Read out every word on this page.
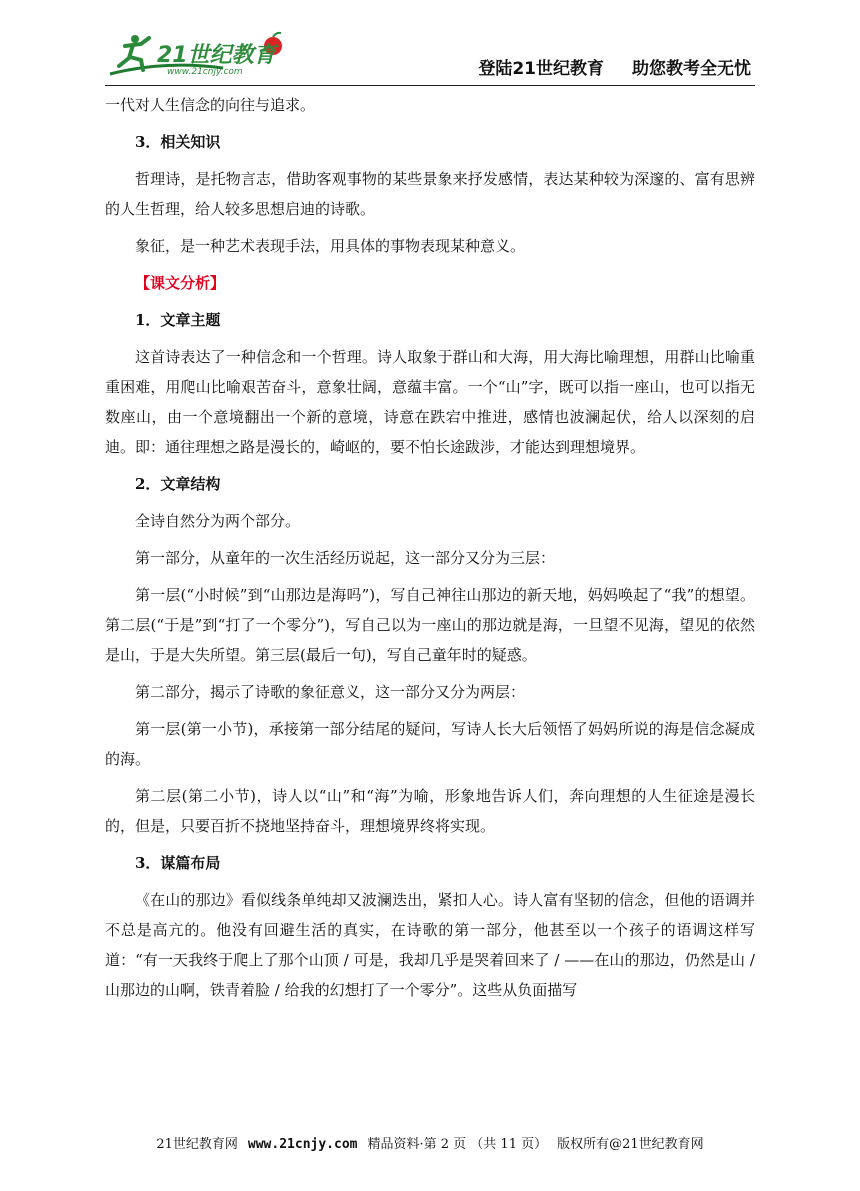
21世纪教育
www.21cnjy.com	登陆21世纪教育 助您教考全无忧

一代对人生信念的向往与追求。

3．相关知识

哲理诗，是托物言志，借助客观事物的某些景象来抒发感情，表达某种较为深邃的、富有思辨的人生哲理，给人较多思想启迪的诗歌。

象征，是一种艺术表现手法，用具体的事物表现某种意义。

【课文分析】

1．文章主题

这首诗表达了一种信念和一个哲理。诗人取象于群山和大海，用大海比喻理想，用群山比喻重重困难，用爬山比喻艰苦奋斗，意象壮阔，意蕴丰富。一个“山”字，既可以指一座山，也可以指无数座山，由一个意境翻出一个新的意境，诗意在跌宕中推进，感情也波澜起伏，给人以深刻的启迪。即：通往理想之路是漫长的，崎岖的，要不怕长途跋涉，才能达到理想境界。

2．文章结构

全诗自然分为两个部分。

第一部分，从童年的一次生活经历说起，这一部分又分为三层：

第一层(“小时候”到“山那边是海吗”)，写自己神往山那边的新天地，妈妈唤起了“我”的想望。第二层(“于是”到“打了一个零分”)，写自己以为一座山的那边就是海，一旦望不见海，望见的依然是山，于是大失所望。第三层(最后一句)，写自己童年时的疑惑。

第二部分，揭示了诗歌的象征意义，这一部分又分为两层：

第一层(第一小节)，承接第一部分结尾的疑问，写诗人长大后领悟了妈妈所说的海是信念凝成的海。

第二层(第二小节)，诗人以“山”和“海”为喻，形象地告诉人们，奔向理想的人生征途是漫长的，但是，只要百折不挠地坚持奋斗，理想境界终将实现。

3．谋篇布局

《在山的那边》看似线条单纯却又波澜迭出，紧扣人心。诗人富有坚韧的信念，但他的语调并不总是高亢的。他没有回避生活的真实，在诗歌的第一部分，他甚至以一个孩子的语调这样写道：“有一天我终于爬上了那个山顶 / 可是，我却几乎是哭着回来了 / ——在山的那边，仍然是山 / 山那边的山啊，铁青着脸 / 给我的幻想打了一个零分”。这些从负面描写

21世纪教育网 www.21cnjy.com 精品资料·第 2 页 （共 11 页） 版权所有@21世纪教育网
